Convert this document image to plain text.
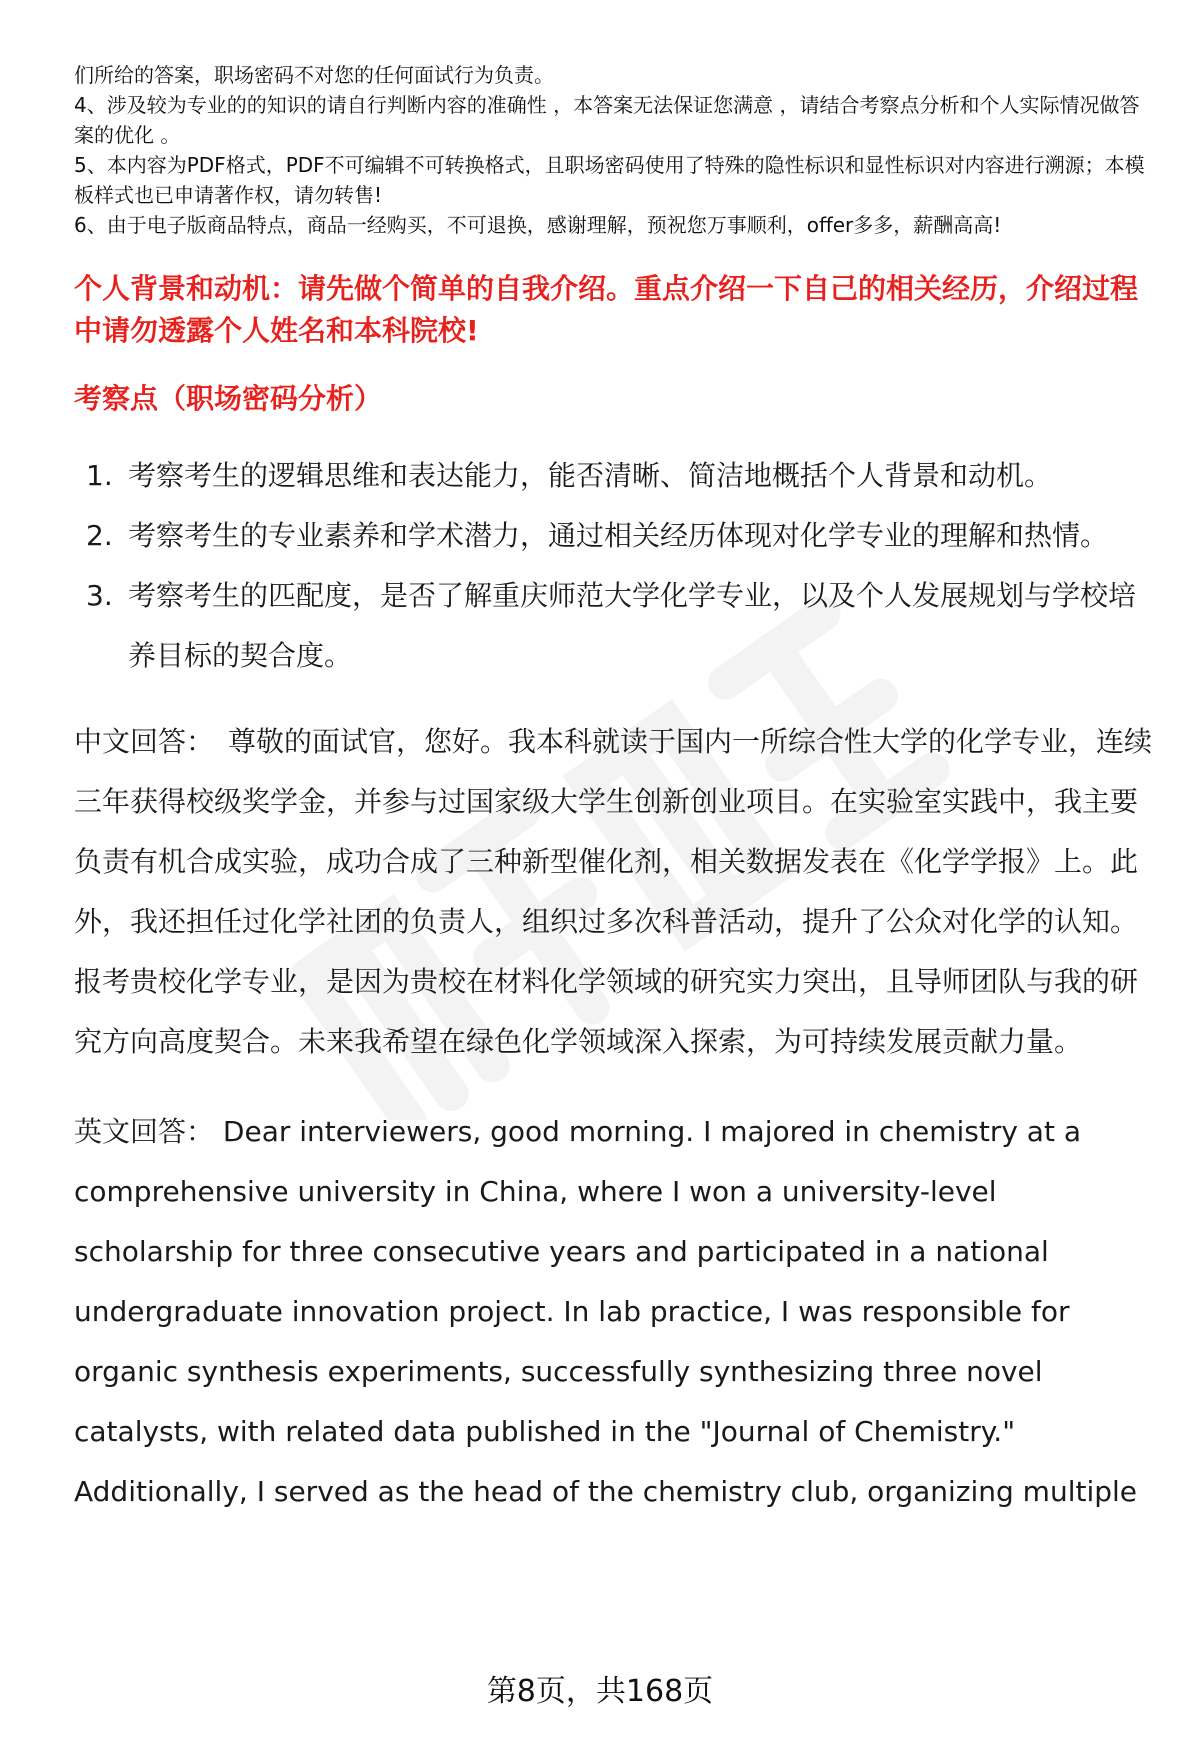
们所给的答案，职场密码不对您的任何面试行为负责。

4、涉及较为专业的的知识的请自行判断内容的准确性 ，本答案无法保证您满意 ，请结合考察点分析和个人实际情况做答案的优化 。

5、本内容为PDF格式，PDF不可编辑不可转换格式，且职场密码使用了特殊的隐性标识和显性标识对内容进行溯源；本模板样式也已申请著作权，请勿转售!

6、由于电子版商品特点，商品一经购买，不可退换，感谢理解，预祝您万事顺利，offer多多，薪酬高高!

个人背景和动机：请先做个简单的自我介绍。重点介绍一下自己的相关经历，介绍过程中请勿透露个人姓名和本科院校!
考察点（职场密码分析）
1. 考察考生的逻辑思维和表达能力，能否清晰、简洁地概括个人背景和动机。
2. 考察考生的专业素养和学术潜力，通过相关经历体现对化学专业的理解和热情。
3. 考察考生的匹配度，是否了解重庆师范大学化学专业，以及个人发展规划与学校培养目标的契合度。
中文回答： 尊敬的面试官，您好。我本科就读于国内一所综合性大学的化学专业，连续三年获得校级奖学金，并参与过国家级大学生创新创业项目。在实验室实践中，我主要负责有机合成实验，成功合成了三种新型催化剂，相关数据发表在《化学学报》上。此外，我还担任过化学社团的负责人，组织过多次科普活动，提升了公众对化学的认知。报考贵校化学专业，是因为贵校在材料化学领域的研究实力突出，且导师团队与我的研究方向高度契合。未来我希望在绿色化学领域深入探索，为可持续发展贡献力量。
英文回答： Dear interviewers, good morning. I majored in chemistry at a comprehensive university in China, where I won a university-level scholarship for three consecutive years and participated in a national undergraduate innovation project. In lab practice, I was responsible for organic synthesis experiments, successfully synthesizing three novel catalysts, with related data published in the "Journal of Chemistry." Additionally, I served as the head of the chemistry club, organizing multiple
第8页，共168页
